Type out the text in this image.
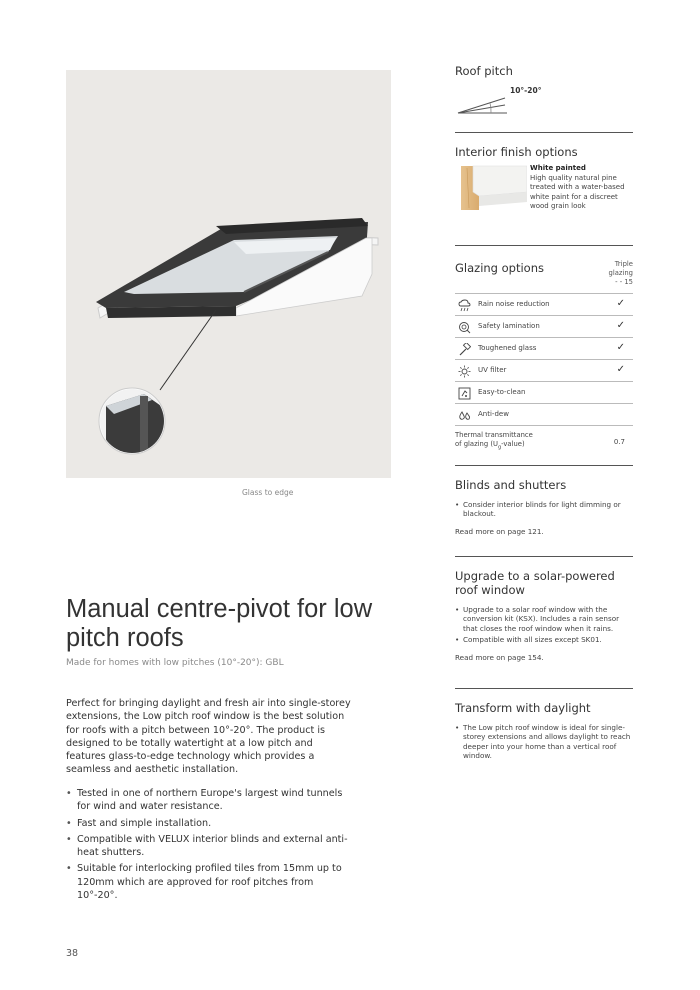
Glass to edge
Manual centre-pivot for low pitch roofs
Made for homes with low pitches (10°-20°): GBL

Perfect for bringing daylight and fresh air into single-storey extensions, the Low pitch roof window is the best solution for roofs with a pitch between 10°-20°. The product is designed to be totally watertight at a low pitch and features glass-to-edge technology which provides a seamless and aesthetic installation.

• Tested in one of northern Europe's largest wind tunnels for wind and water resistance.
• Fast and simple installation.
• Compatible with VELUX interior blinds and external anti-heat shutters.
• Suitable for interlocking profiled tiles from 15mm up to 120mm which are approved for roof pitches from 10°-20°.
38
Roof pitch
10°-20°
Interior finish options
White painted
High quality natural pine treated with a water-based white paint for a discreet wood grain look
Glazing options	Triple glazing
- - 15
Rain noise reduction	✓
Safety lamination	✓
Toughened glass	✓
UV filter	✓
Easy-to-clean
Anti-dew
Thermal transmittance
of glazing $(U_g-value)$	0.7
Blinds and shutters
• Consider interior blinds for light dimming or blackout.
Read more on page 121.
Upgrade to a solar-powered
roof window
• Upgrade to a solar roof window with the conversion kit (KSX). Includes a rain sensor that closes the roof window when it rains.
• Compatible with all sizes except SK01.
Read more on page 154.
Transform with daylight
• The Low pitch roof window is ideal for single-storey extensions and allows daylight to reach deeper into your home than a vertical roof window.
